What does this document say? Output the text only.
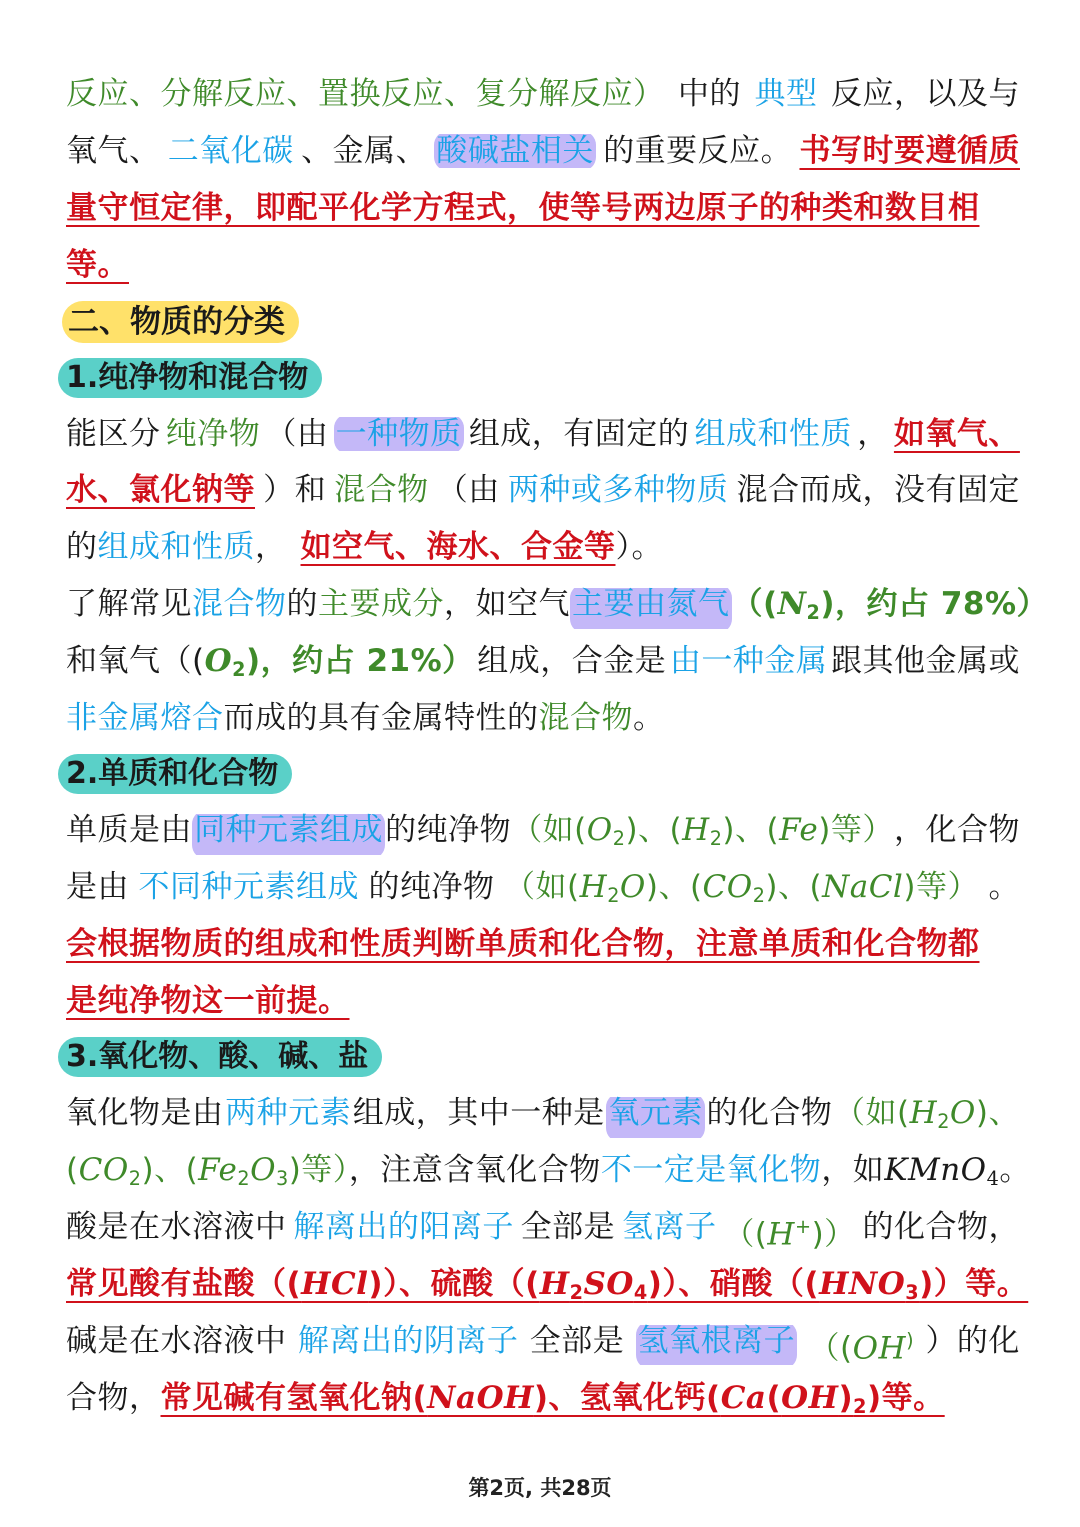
反应、分解反应、置换反应、复分解反应） 中的 典型 反应，以及与
氧气、 二氧化碳 、金属、 酸碱盐相关 的重要反应。 书写时要遵循质
量守恒定律，即配平化学方程式，使等号两边原子的种类和数目相
等。
二、物质的分类
1.纯净物和混合物
能区分 纯净物 （由 一种物质 组成，有固定的 组成和性质 ， 如氧气、
水、氯化钠等 ）和 混合物 （由 两种或多种物质 混合而成，没有固定
的组成和性质， 如空气、海水、合金等）。
了解常见 混合物 的 主要成分 ，如空气 主要由氮气 （$(N_2)$，约占 78%）
和氧气（$(O_2)$，约占 21%） 组成，合金是 由一种金属 跟其他金属或
非金属熔合而成的具有金属特性的混合物。
2.单质和化合物
单质是由 同种元素组成 的纯净物 （如$(O_2)$、$(H_2)$、(Fe)等） ，化合物
是由 不同种元素组成 的纯净物 （如$(H_2O)$、$(CO_2)$、(NaCl)等） 。
会根据物质的组成和性质判断单质和化合物，注意单质和化合物都
是纯净物这一前提。
3.氧化物、酸、碱、盐
氧化物是由 两种元素 组成，其中一种是 氧元素 的化合物 （如$(H_2O)$、
$(CO_2)$、$(Fe_2O_3)$等），注意含氧化合物不一定是氧化物，如KMnO$_4$。
酸是在水溶液中 解离出的阳离子 全部是 氢离子 （(H+)） 的化合物，
常见酸有盐酸（(HCl)）、硫酸$((H_2SO_4))$、硝酸$((HNO_3))$等。
碱是在水溶液中 解离出的阴离子 全部是 氢氧根离子 （(OH) ）的化
合物，常见碱有氢氧化钠(NaOH)、氢氧化钙$(Ca(OH)_2)$等。
第2页, 共28页
